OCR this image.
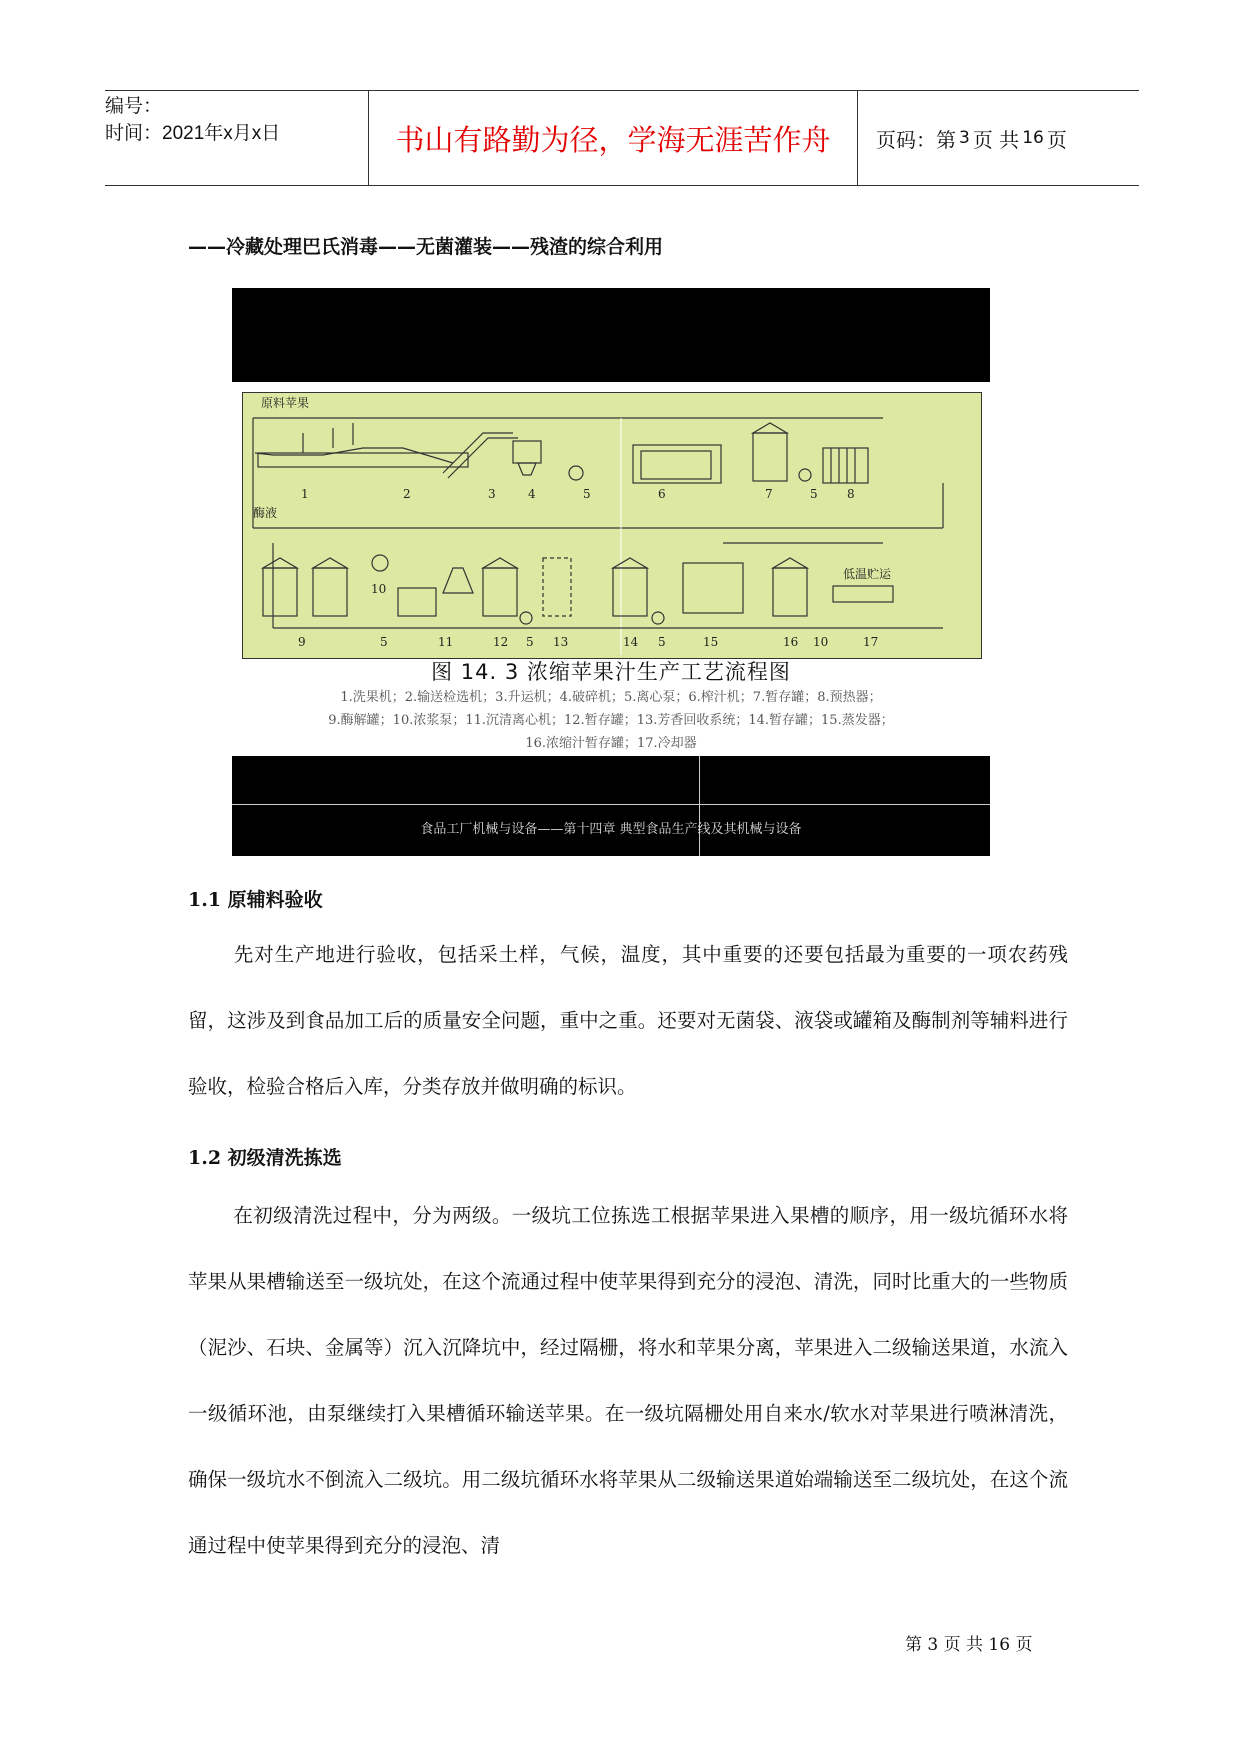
编号：
时间：2021年x月x日	书山有路勤为径，学海无涯苦作舟	页码：第 3 页 共 16 页
——冷藏处理巴氏消毒——无菌灌装——残渣的综合利用
原料苹果
酶液
低温贮运
1	2	3	4	5	6	7	5 8
9	5	11	12 5 13	14 5	15	16 10	17
10
图 14. 3 浓缩苹果汁生产工艺流程图
1.洗果机；2.输送检选机；3.升运机；4.破碎机；5.离心泵；6.榨汁机；7.暂存罐；8.预热器；
9.酶解罐；10.浓浆泵；11.沉清离心机；12.暂存罐；13.芳香回收系统；14.暂存罐；15.蒸发器；
16.浓缩汁暂存罐；17.冷却器
食品工厂机械与设备——第十四章 典型食品生产线及其机械与设备
1.1 原辅料验收
先对生产地进行验收，包括采土样，气候，温度，其中重要的还要包括最为重要的一项农药残留，这涉及到食品加工后的质量安全问题，重中之重。还要对无菌袋、液袋或罐箱及酶制剂等辅料进行验收，检验合格后入库，分类存放并做明确的标识。
1.2 初级清洗拣选
在初级清洗过程中，分为两级。一级坑工位拣选工根据苹果进入果槽的顺序，用一级坑循环水将苹果从果槽输送至一级坑处，在这个流通过程中使苹果得到充分的浸泡、清洗，同时比重大的一些物质（泥沙、石块、金属等）沉入沉降坑中，经过隔栅，将水和苹果分离，苹果进入二级输送果道，水流入一级循环池，由泵继续打入果槽循环输送苹果。在一级坑隔栅处用自来水/软水对苹果进行喷淋清洗，确保一级坑水不倒流入二级坑。用二级坑循环水将苹果从二级输送果道始端输送至二级坑处，在这个流通过程中使苹果得到充分的浸泡、清
第 3 页 共 16 页
